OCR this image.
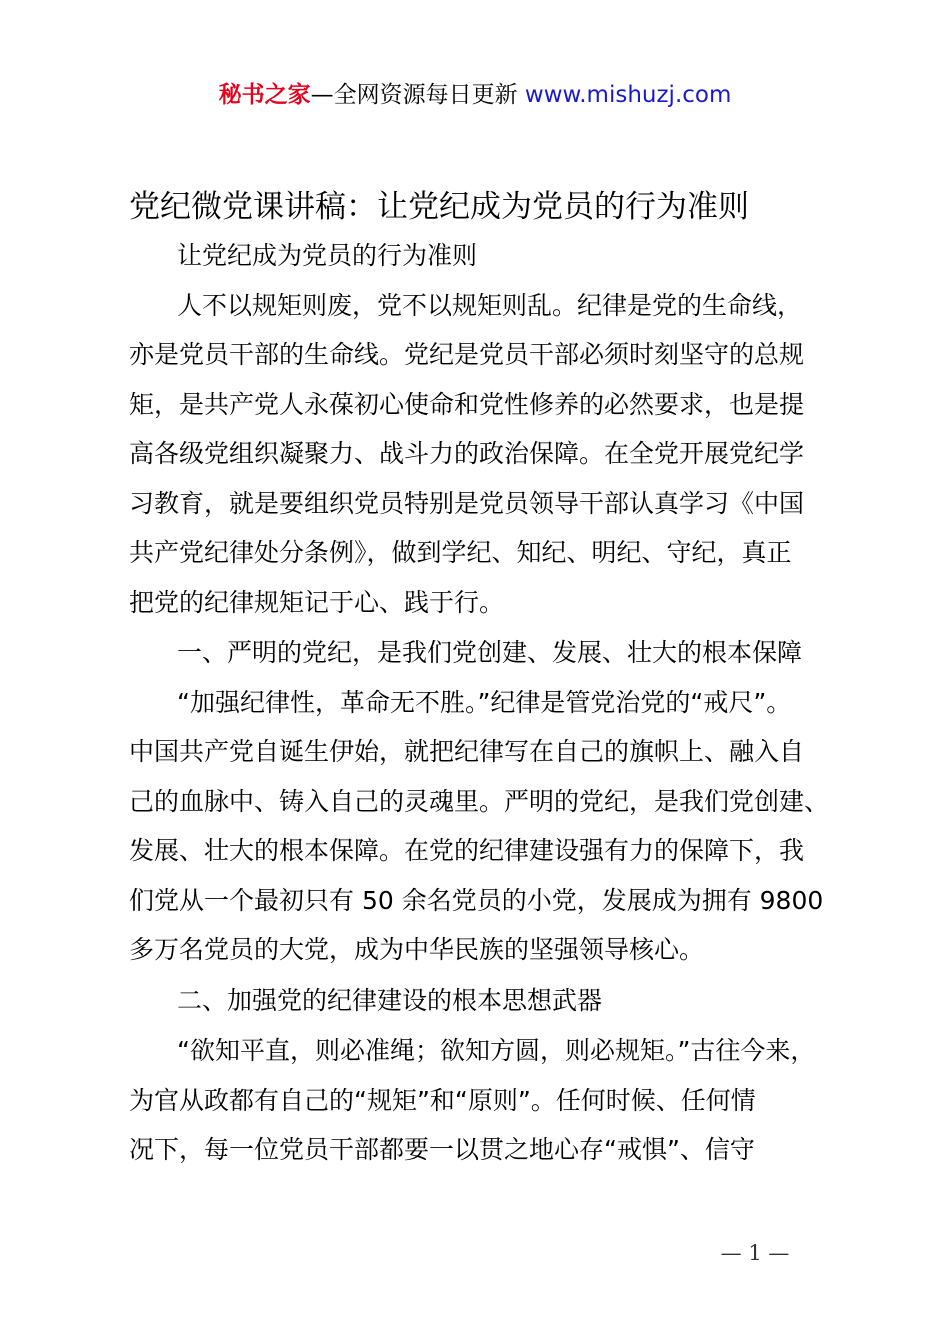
秘书之家—全网资源每日更新 www.mishuzj.com
党纪微党课讲稿：让党纪成为党员的行为准则
让党纪成为党员的行为准则
人不以规矩则废，党不以规矩则乱。纪律是党的生命线，
亦是党员干部的生命线。党纪是党员干部必须时刻坚守的总规
矩，是共产党人永葆初心使命和党性修养的必然要求，也是提
高各级党组织凝聚力、战斗力的政治保障。在全党开展党纪学
习教育，就是要组织党员特别是党员领导干部认真学习《中国
共产党纪律处分条例》，做到学纪、知纪、明纪、守纪，真正
把党的纪律规矩记于心、践于行。
一、严明的党纪，是我们党创建、发展、壮大的根本保障
“加强纪律性，革命无不胜。”纪律是管党治党的“戒尺”。
中国共产党自诞生伊始，就把纪律写在自己的旗帜上、融入自
己的血脉中、铸入自己的灵魂里。严明的党纪，是我们党创建、
发展、壮大的根本保障。在党的纪律建设强有力的保障下，我
们党从一个最初只有 50 余名党员的小党，发展成为拥有 9800
多万名党员的大党，成为中华民族的坚强领导核心。
二、加强党的纪律建设的根本思想武器
“欲知平直，则必准绳；欲知方圆，则必规矩。”古往今来，
为官从政都有自己的“规矩”和“原则”。任何时候、任何情
况下，每一位党员干部都要一以贯之地心存“戒惧”、信守
— 1 —
